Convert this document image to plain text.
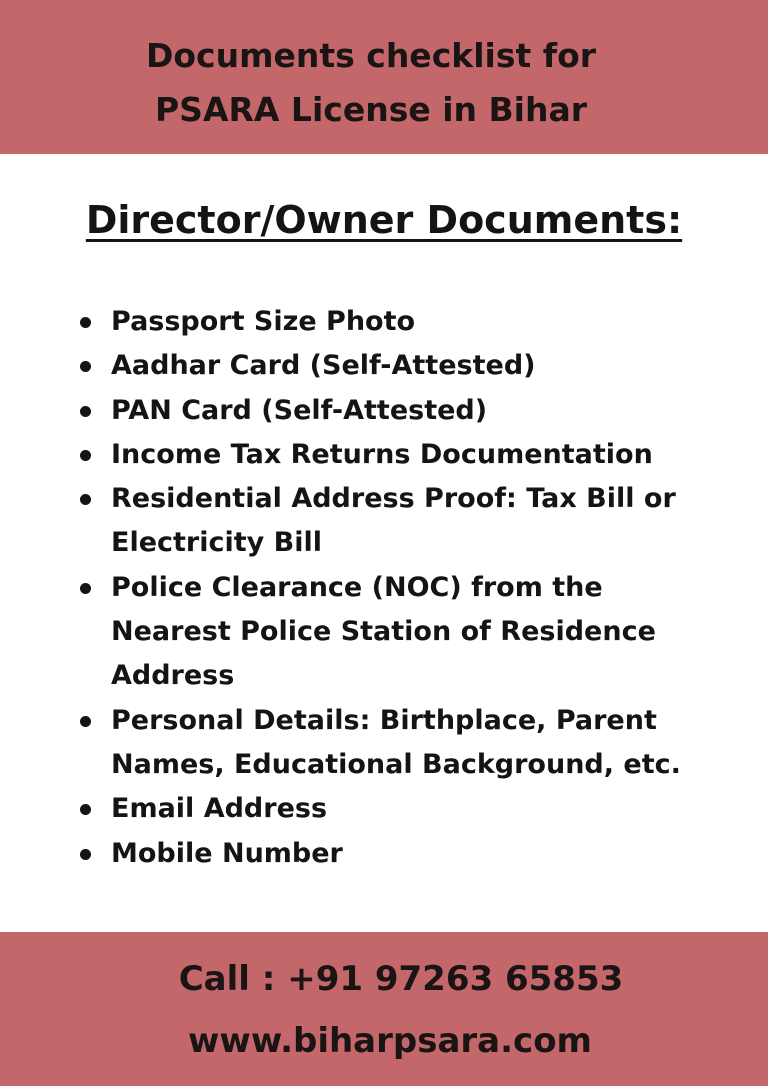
Documents checklist for
PSARA License in Bihar
Director/Owner Documents:
Passport Size Photo
Aadhar Card (Self-Attested)
PAN Card (Self-Attested)
Income Tax Returns Documentation
Residential Address Proof: Tax Bill or
Electricity Bill
Police Clearance (NOC) from the
Nearest Police Station of Residence
Address
Personal Details: Birthplace, Parent
Names, Educational Background, etc.
Email Address
Mobile Number
Call : +91 97263 65853
www.biharpsara.com
